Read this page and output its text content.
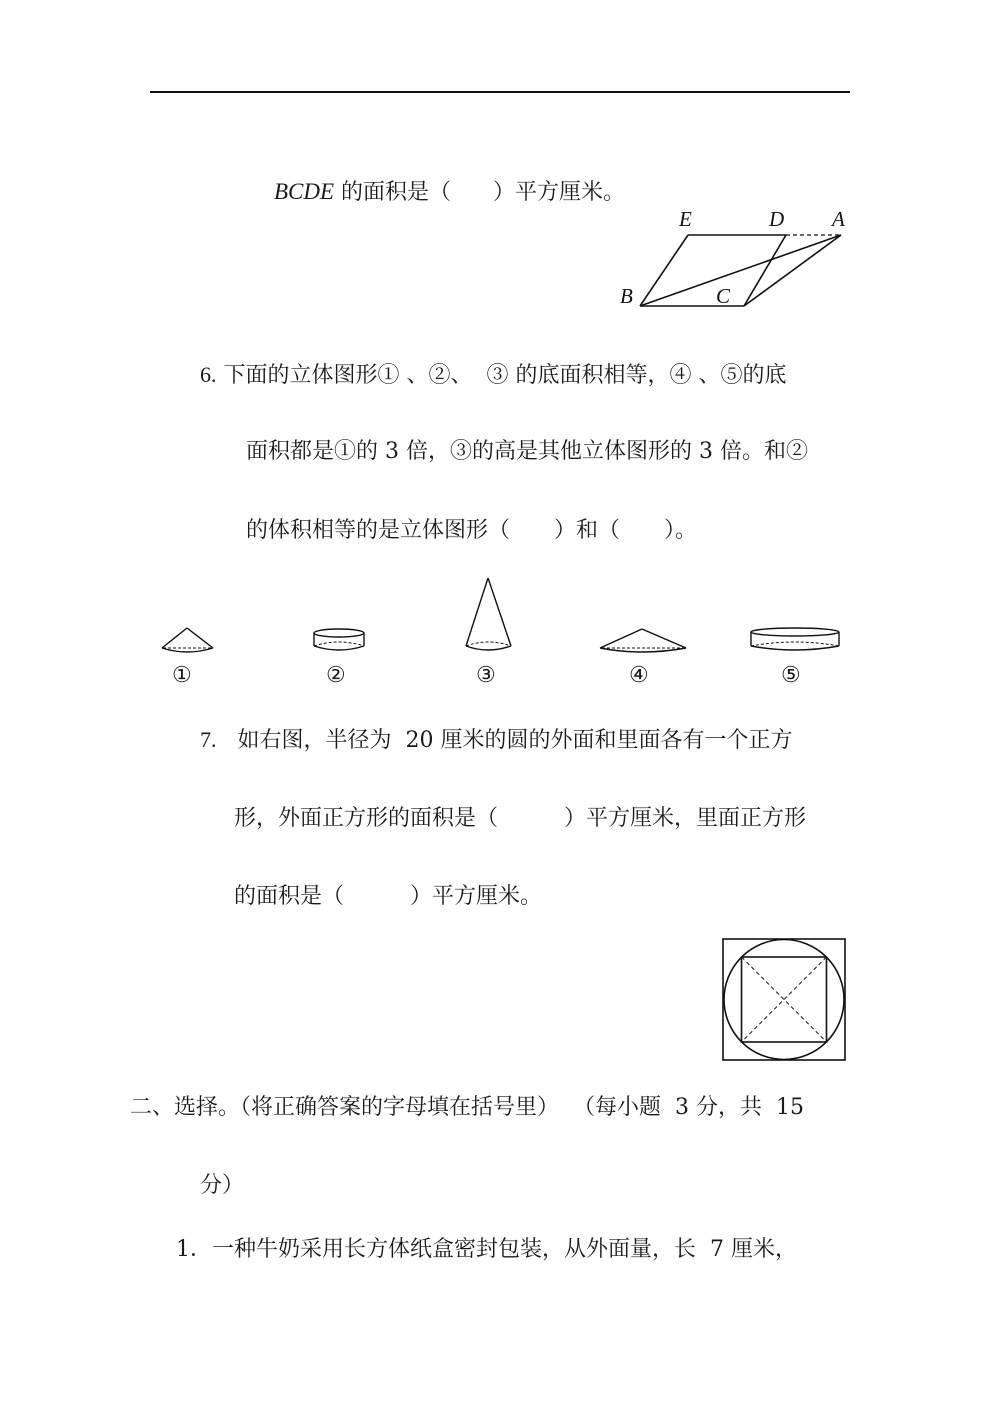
BCDE 的面积是（ ）平方厘米。

E	D A
B	C
6. 下面的立体图形① 、②、  ③ 的底面积相等，④ 、⑤的底
面积都是①的 3 倍，③的高是其他立体图形的 3 倍。和②
的体积相等的是立体图形（ ）和（ ）。
①	②	③	④	⑤
7. 如右图，半径为  20 厘米的圆的外面和里面各有一个正方
形，外面正方形的面积是（	）平方厘米，里面正方形
的面积是（	）平方厘米。
二、选择。（将正确答案的字母填在括号里）  （每小题  3 分，共  15
分）
1．一种牛奶采用长方体纸盒密封包装，从外面量，长  7 厘米，
